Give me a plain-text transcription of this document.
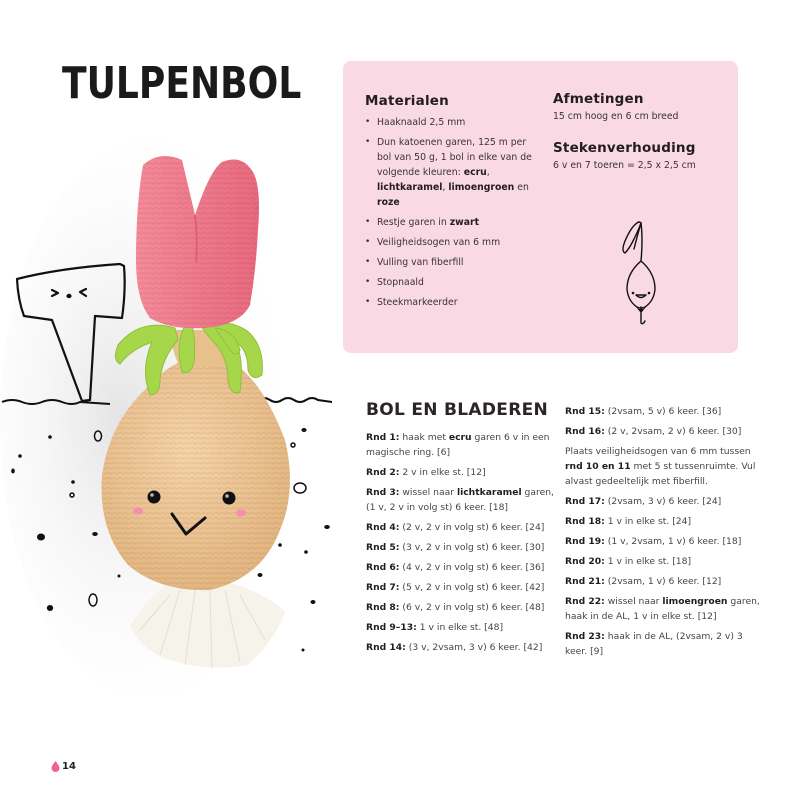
TULPENBOL	Materialen
• Haaknaald 2,5 mm
• Dun katoenen garen, 125 m per bol van 50 g, 1 bol in elke van de volgende kleuren: ecru, lichtkaramel, limoengroen en roze
• Restje garen in zwart
• Veiligheidsogen van 6 mm
• Vulling van fiberfill
• Stopnaald
• Steekmarkeerder
Afmetingen

15 cm hoog en 6 cm breed

Stekenverhouding

6 v en 7 toeren = 2,5 x 2,5 cm

BOL EN BLADEREN

Rnd 1: haak met ecru garen 6 v in een magische ring. [6]

Rnd 2: 2 v in elke st. [12]

Rnd 3: wissel naar lichtkaramel garen, (1 v, 2 v in volg st) 6 keer. [18]

Rnd 4: (2 v, 2 v in volg st) 6 keer. [24]

Rnd 5: (3 v, 2 v in volg st) 6 keer. [30]

Rnd 6: (4 v, 2 v in volg st) 6 keer. [36]

Rnd 7: (5 v, 2 v in volg st) 6 keer. [42]

Rnd 8: (6 v, 2 v in volg st) 6 keer. [48]

Rnd 9–13: 1 v in elke st. [48]

Rnd 14: (3 v, 2vsam, 3 v) 6 keer. [42]

Rnd 15: (2vsam, 5 v) 6 keer. [36]

Rnd 16: (2 v, 2vsam, 2 v) 6 keer. [30]

Plaats veiligheidsogen van 6 mm tussen rnd 10 en 11 met 5 st tussenruimte. Vul alvast gedeeltelijk met fiberfill.

Rnd 17: (2vsam, 3 v) 6 keer. [24]

Rnd 18: 1 v in elke st. [24]

Rnd 19: (1 v, 2vsam, 1 v) 6 keer. [18]

Rnd 20: 1 v in elke st. [18]

Rnd 21: (2vsam, 1 v) 6 keer. [12]

Rnd 22: wissel naar limoengroen garen, haak in de AL, 1 v in elke st. [12]

Rnd 23: haak in de AL, (2vsam, 2 v) 3 keer. [9]

14
